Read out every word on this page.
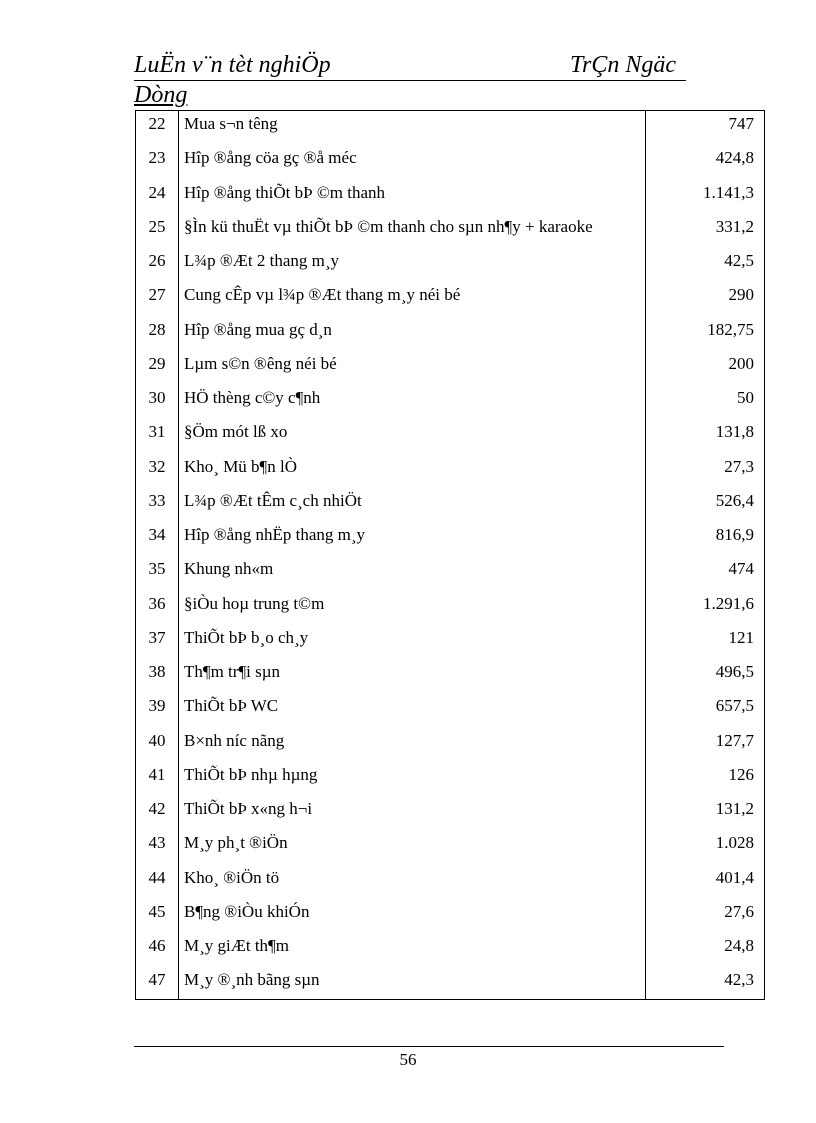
LuËn v¨n tèt nghiÖp	TrÇn Ngäc
Dòng
22	Mua s¬n têng	747
23	Hîp ®ång cöa gç ®å méc	424,8
24	Hîp ®ång thiÕt bÞ ©m thanh	1.141,3
25	§Ìn kü thuËt vµ thiÕt bÞ ©m thanh cho sµn nh¶y + karaoke	331,2
26	L¾p ®Æt 2 thang m¸y	42,5
27	Cung cÊp vµ l¾p ®Æt thang m¸y néi bé	290
28	Hîp ®ång mua gç d¸n	182,75
29	Lµm s©n ®êng néi bé	200
30	HÖ thèng c©y c¶nh	50
31	§Öm mót lß xo	131,8
32	Kho¸ Mü b¶n lÒ	27,3
33	L¾p ®Æt tÊm c¸ch nhiÖt	526,4
34	Hîp ®ång nhËp thang m¸y	816,9
35	Khung nh«m	474
36	§iÒu hoµ trung t©m	1.291,6
37	ThiÕt bÞ b¸o ch¸y	121
38	Th¶m tr¶i sµn	496,5
39	ThiÕt bÞ WC	657,5
40	B×nh níc nãng	127,7
41	ThiÕt bÞ nhµ hµng	126
42	ThiÕt bÞ x«ng h¬i	131,2
43	M¸y ph¸t ®iÖn	1.028
44	Kho¸ ®iÖn tö	401,4
45	B¶ng ®iÒu khiÓn	27,6
46	M¸y giÆt th¶m	24,8
47	M¸y ®¸nh bãng sµn	42,3
56
